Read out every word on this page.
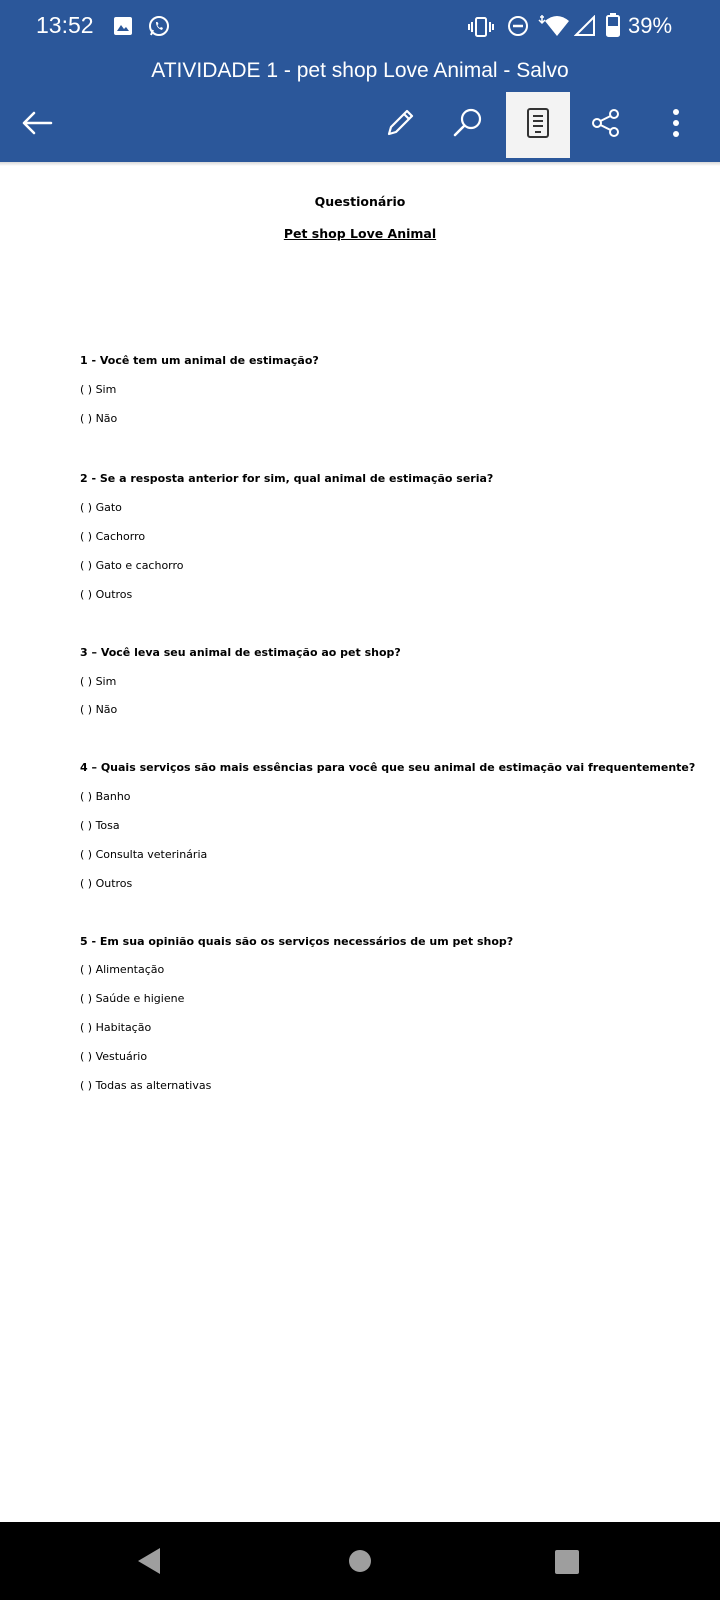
13:52	39%
ATIVIDADE 1 - pet shop Love Animal - Salvo
Questionário
Pet shop Love Animal
1 - Você tem um animal de estimação?
( ) Sim
( ) Não
2 - Se a resposta anterior for sim, qual animal de estimação seria?
( ) Gato
( ) Cachorro
( ) Gato e cachorro
( ) Outros
3 – Você leva seu animal de estimação ao pet shop?
( ) Sim
( ) Não
4 – Quais serviços são mais essências para você que seu animal de estimação vai frequentemente?
( ) Banho
( ) Tosa
( ) Consulta veterinária
( ) Outros
5 - Em sua opinião quais são os serviços necessários de um pet shop?
( ) Alimentação
( ) Saúde e higiene
( ) Habitação
( ) Vestuário
( ) Todas as alternativas
